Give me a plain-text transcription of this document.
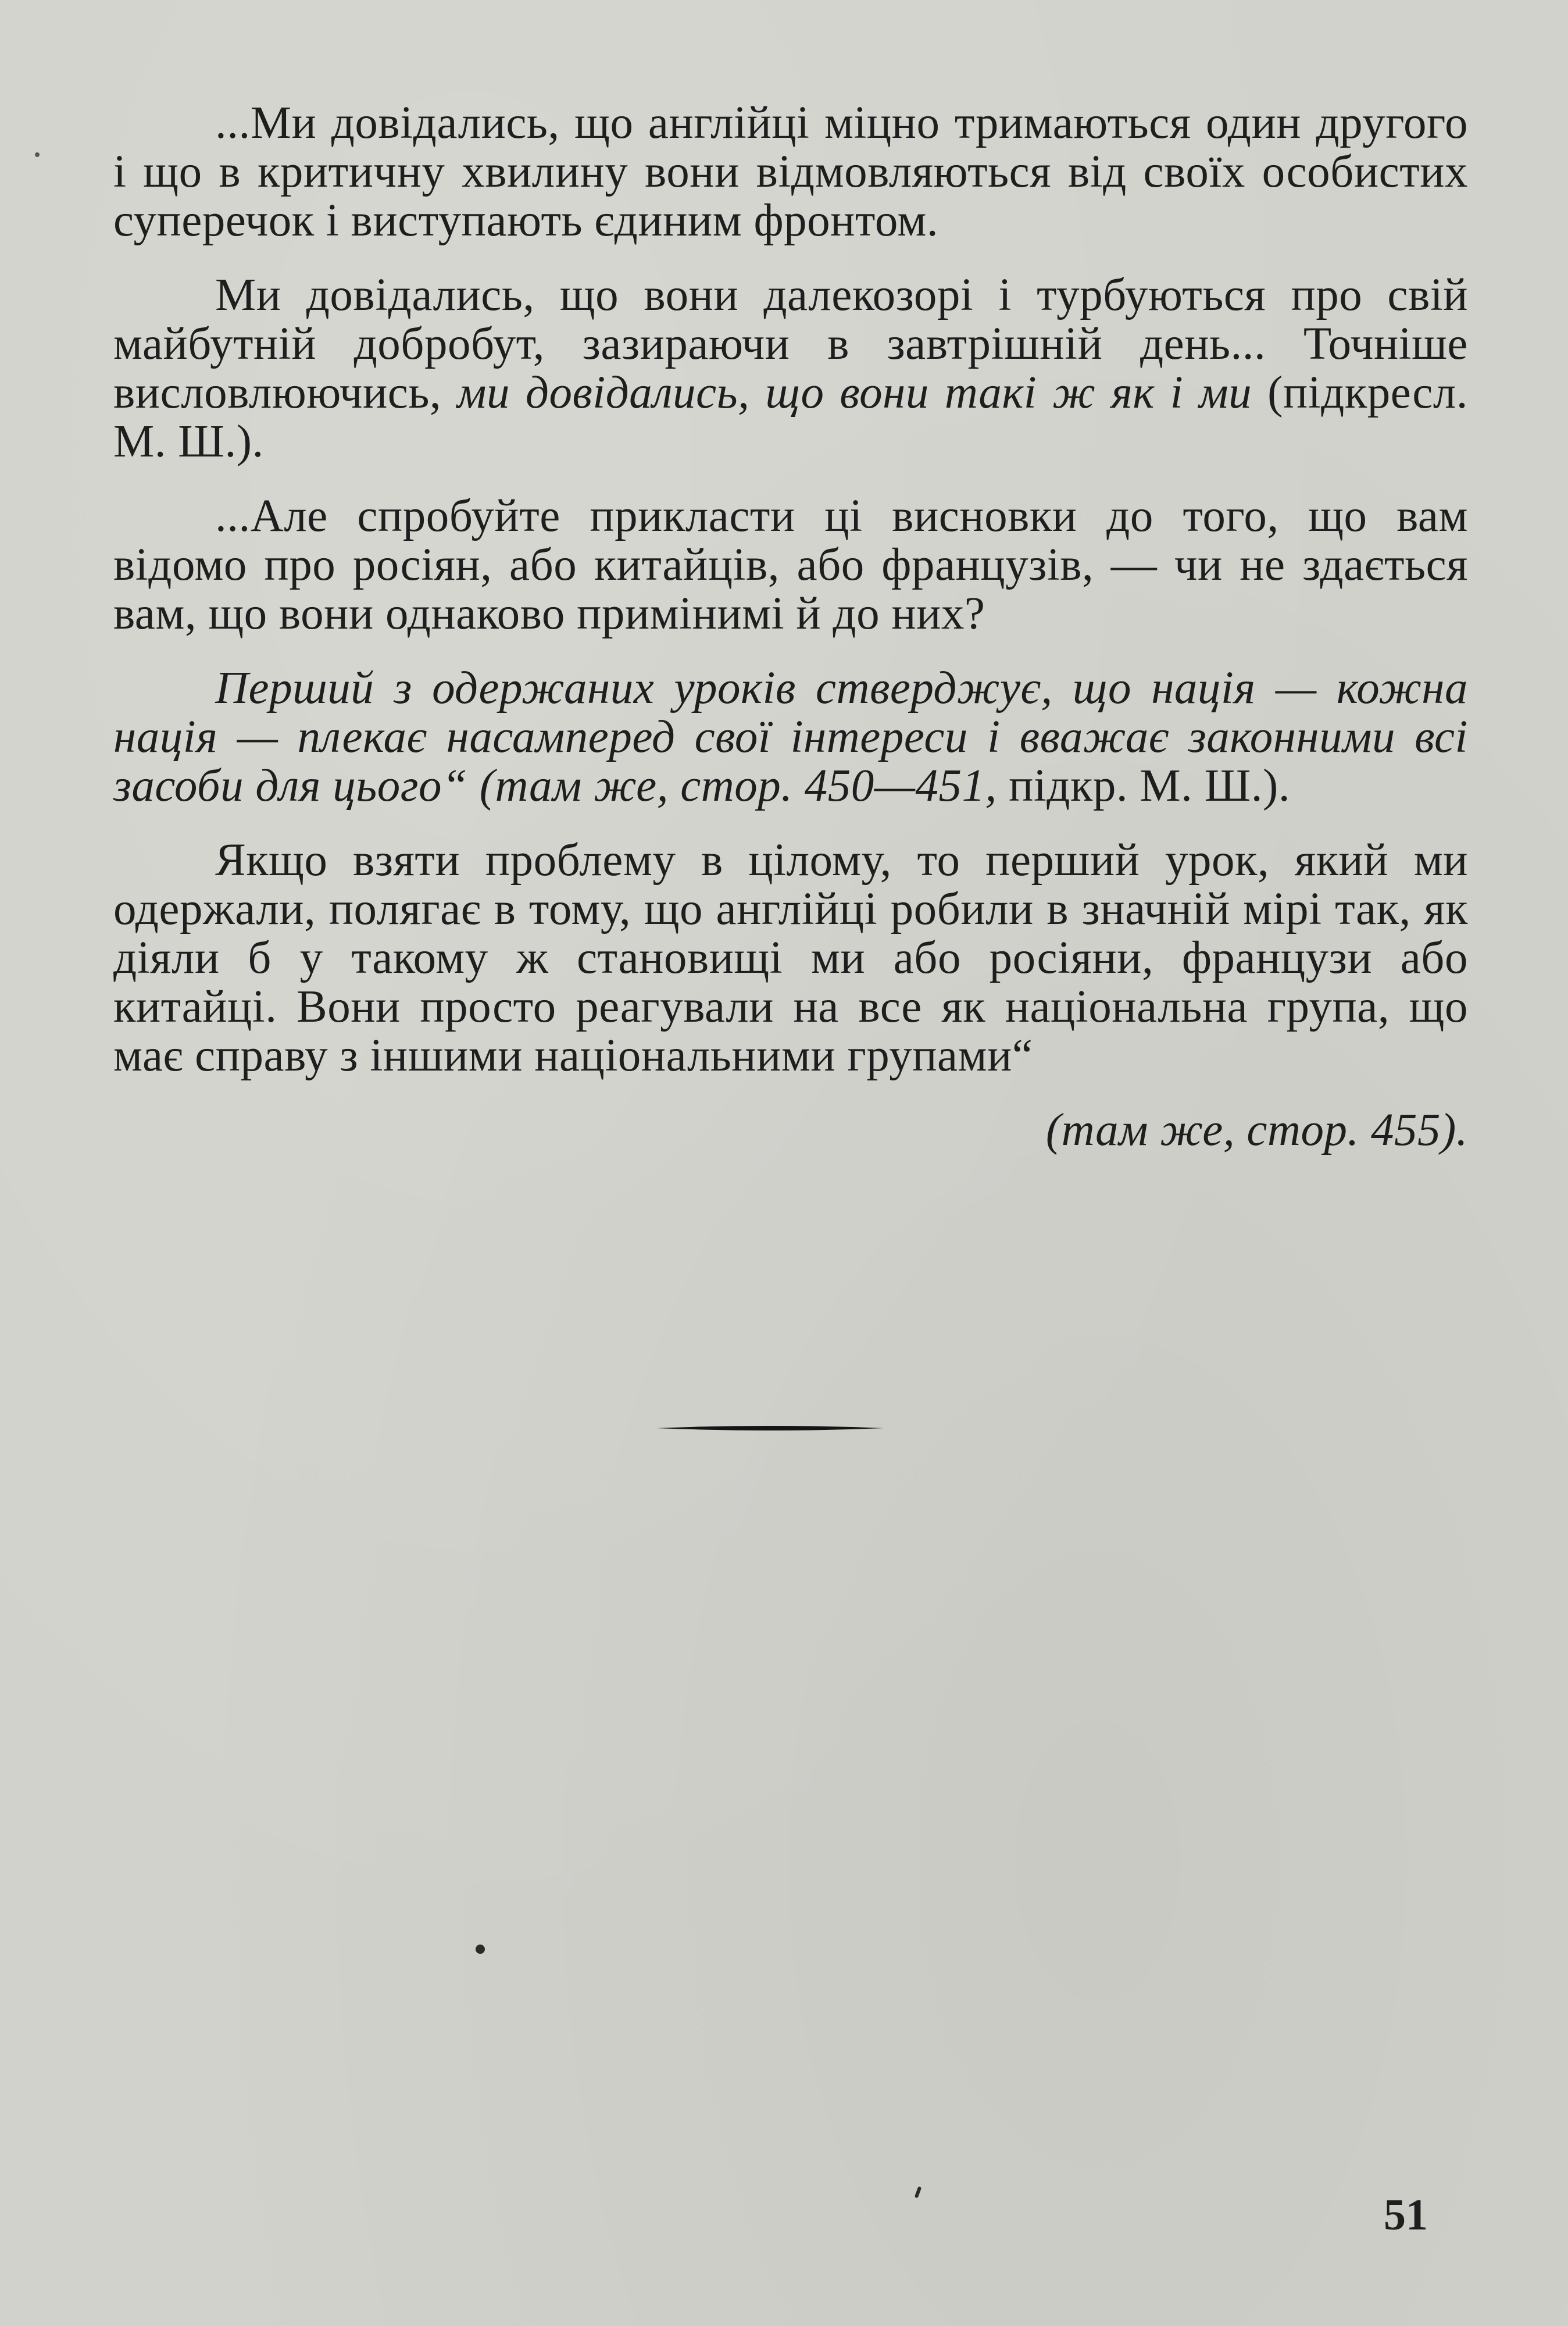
...Ми довідались, що англійці міцно тримаються один другого і що в критичну хвилину вони відмовляються від своїх особистих суперечок і виступають єдиним фронтом.

Ми довідались, що вони далекозорі і турбуються про свій майбутній добробут, зазираючи в завтрішній день... Точніше висловлюючись, ми довідались, що вони такі ж як і ми (підкресл. М. Ш.).

...Але спробуйте прикласти ці висновки до того, що вам відомо про росіян, або китайців, або французів, — чи не здається вам, що вони однаково примінимі й до них?

Перший з одержаних уроків стверджує, що нація — кожна нація — плекає насамперед свої інтереси і вважає законними всі засоби для цього“ (там же, стор. 450—451, підкр. М. Ш.).

Якщо взяти проблему в цілому, то перший урок, який ми одержали, полягає в тому, що англійці робили в значній мірі так, як діяли б у такому ж становищі ми або росіяни, французи або китайці. Вони просто реагували на все як національна група, що має справу з іншими національними групами“

(там же, стор. 455).

51
